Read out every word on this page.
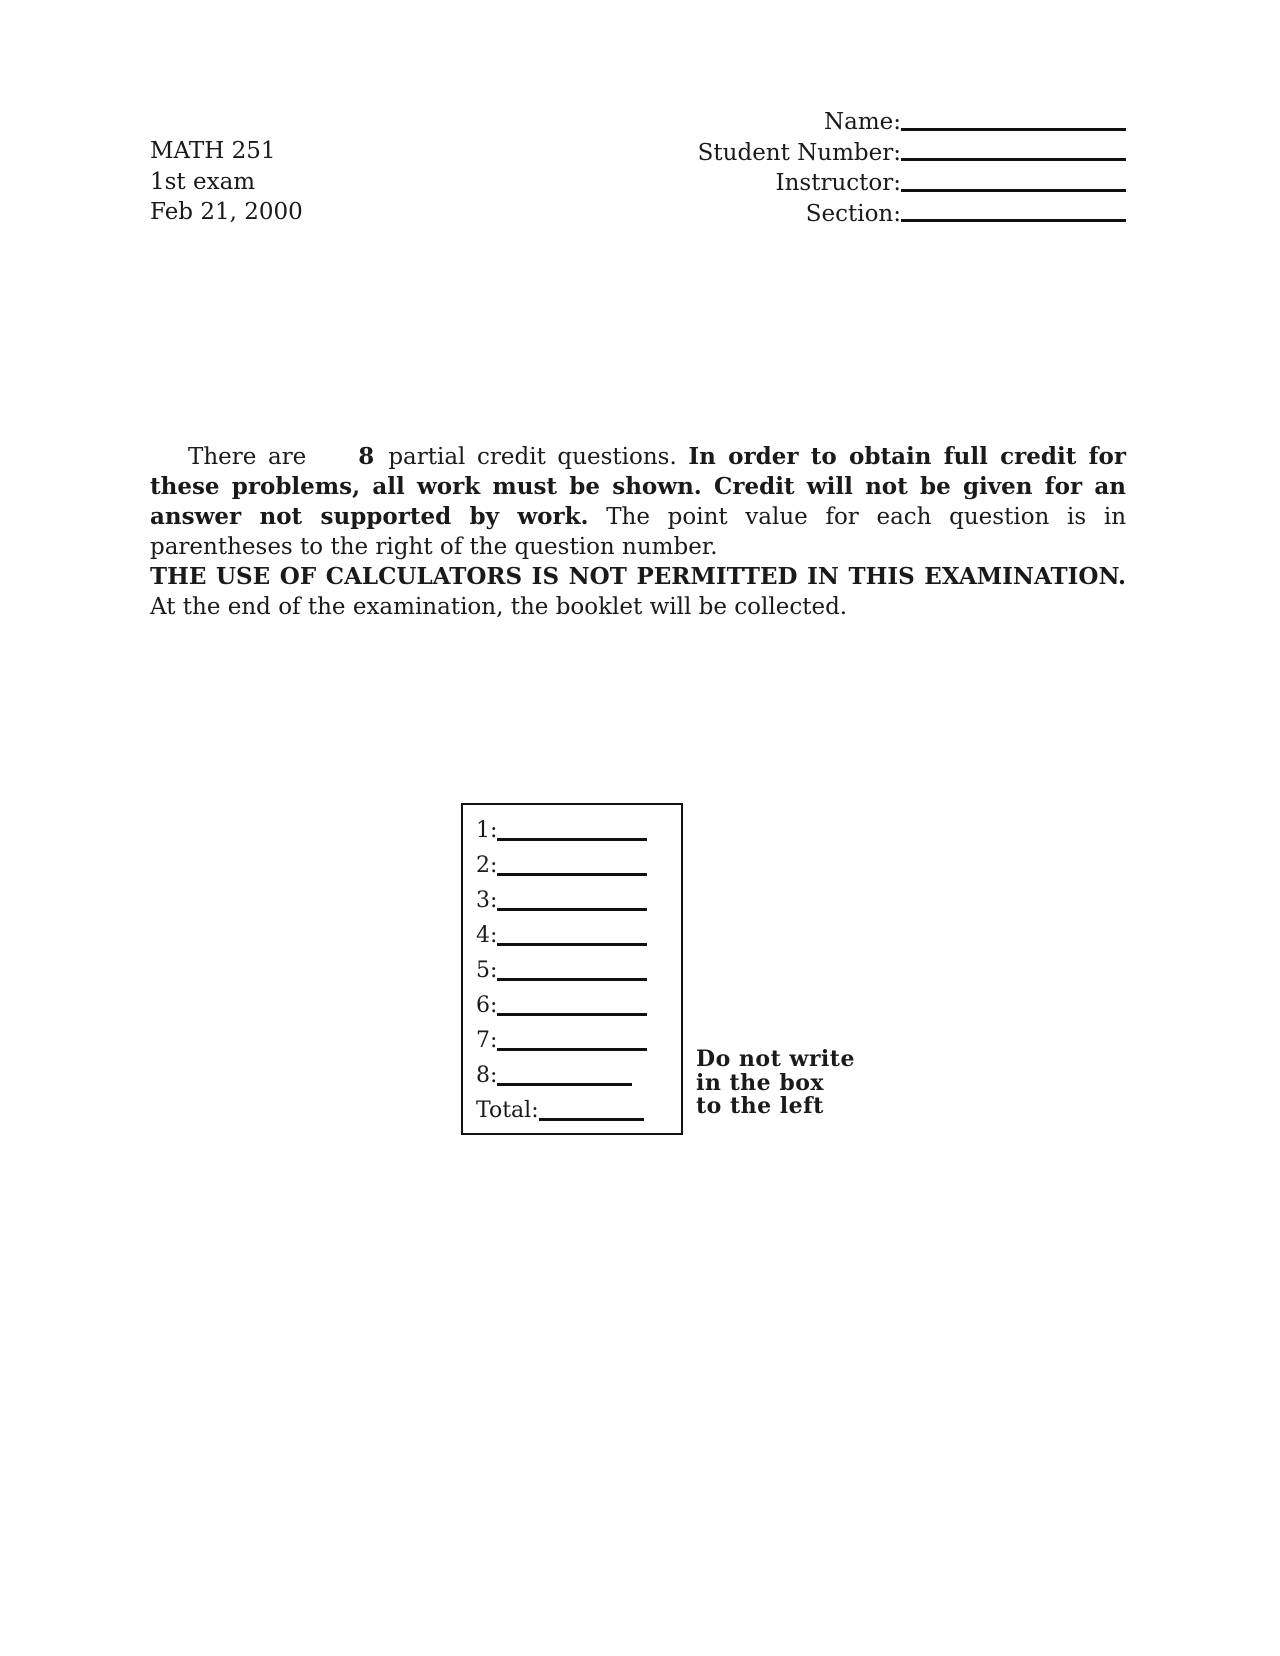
MATH 251
1st exam
Feb 21, 2000
Name:
Student Number:
Instructor:
Section:

There are 8 partial credit questions. In order to obtain full credit for these problems, all work must be shown. Credit will not be given for an answer not supported by work. The point value for each question is in parentheses to the right of the question number.

THE USE OF CALCULATORS IS NOT PERMITTED IN THIS EXAMINATION. At the end of the examination, the booklet will be collected.

1:
2:
3:
4:
5:
6:
7:
8:
Total:
Do not write
in the box
to the left
